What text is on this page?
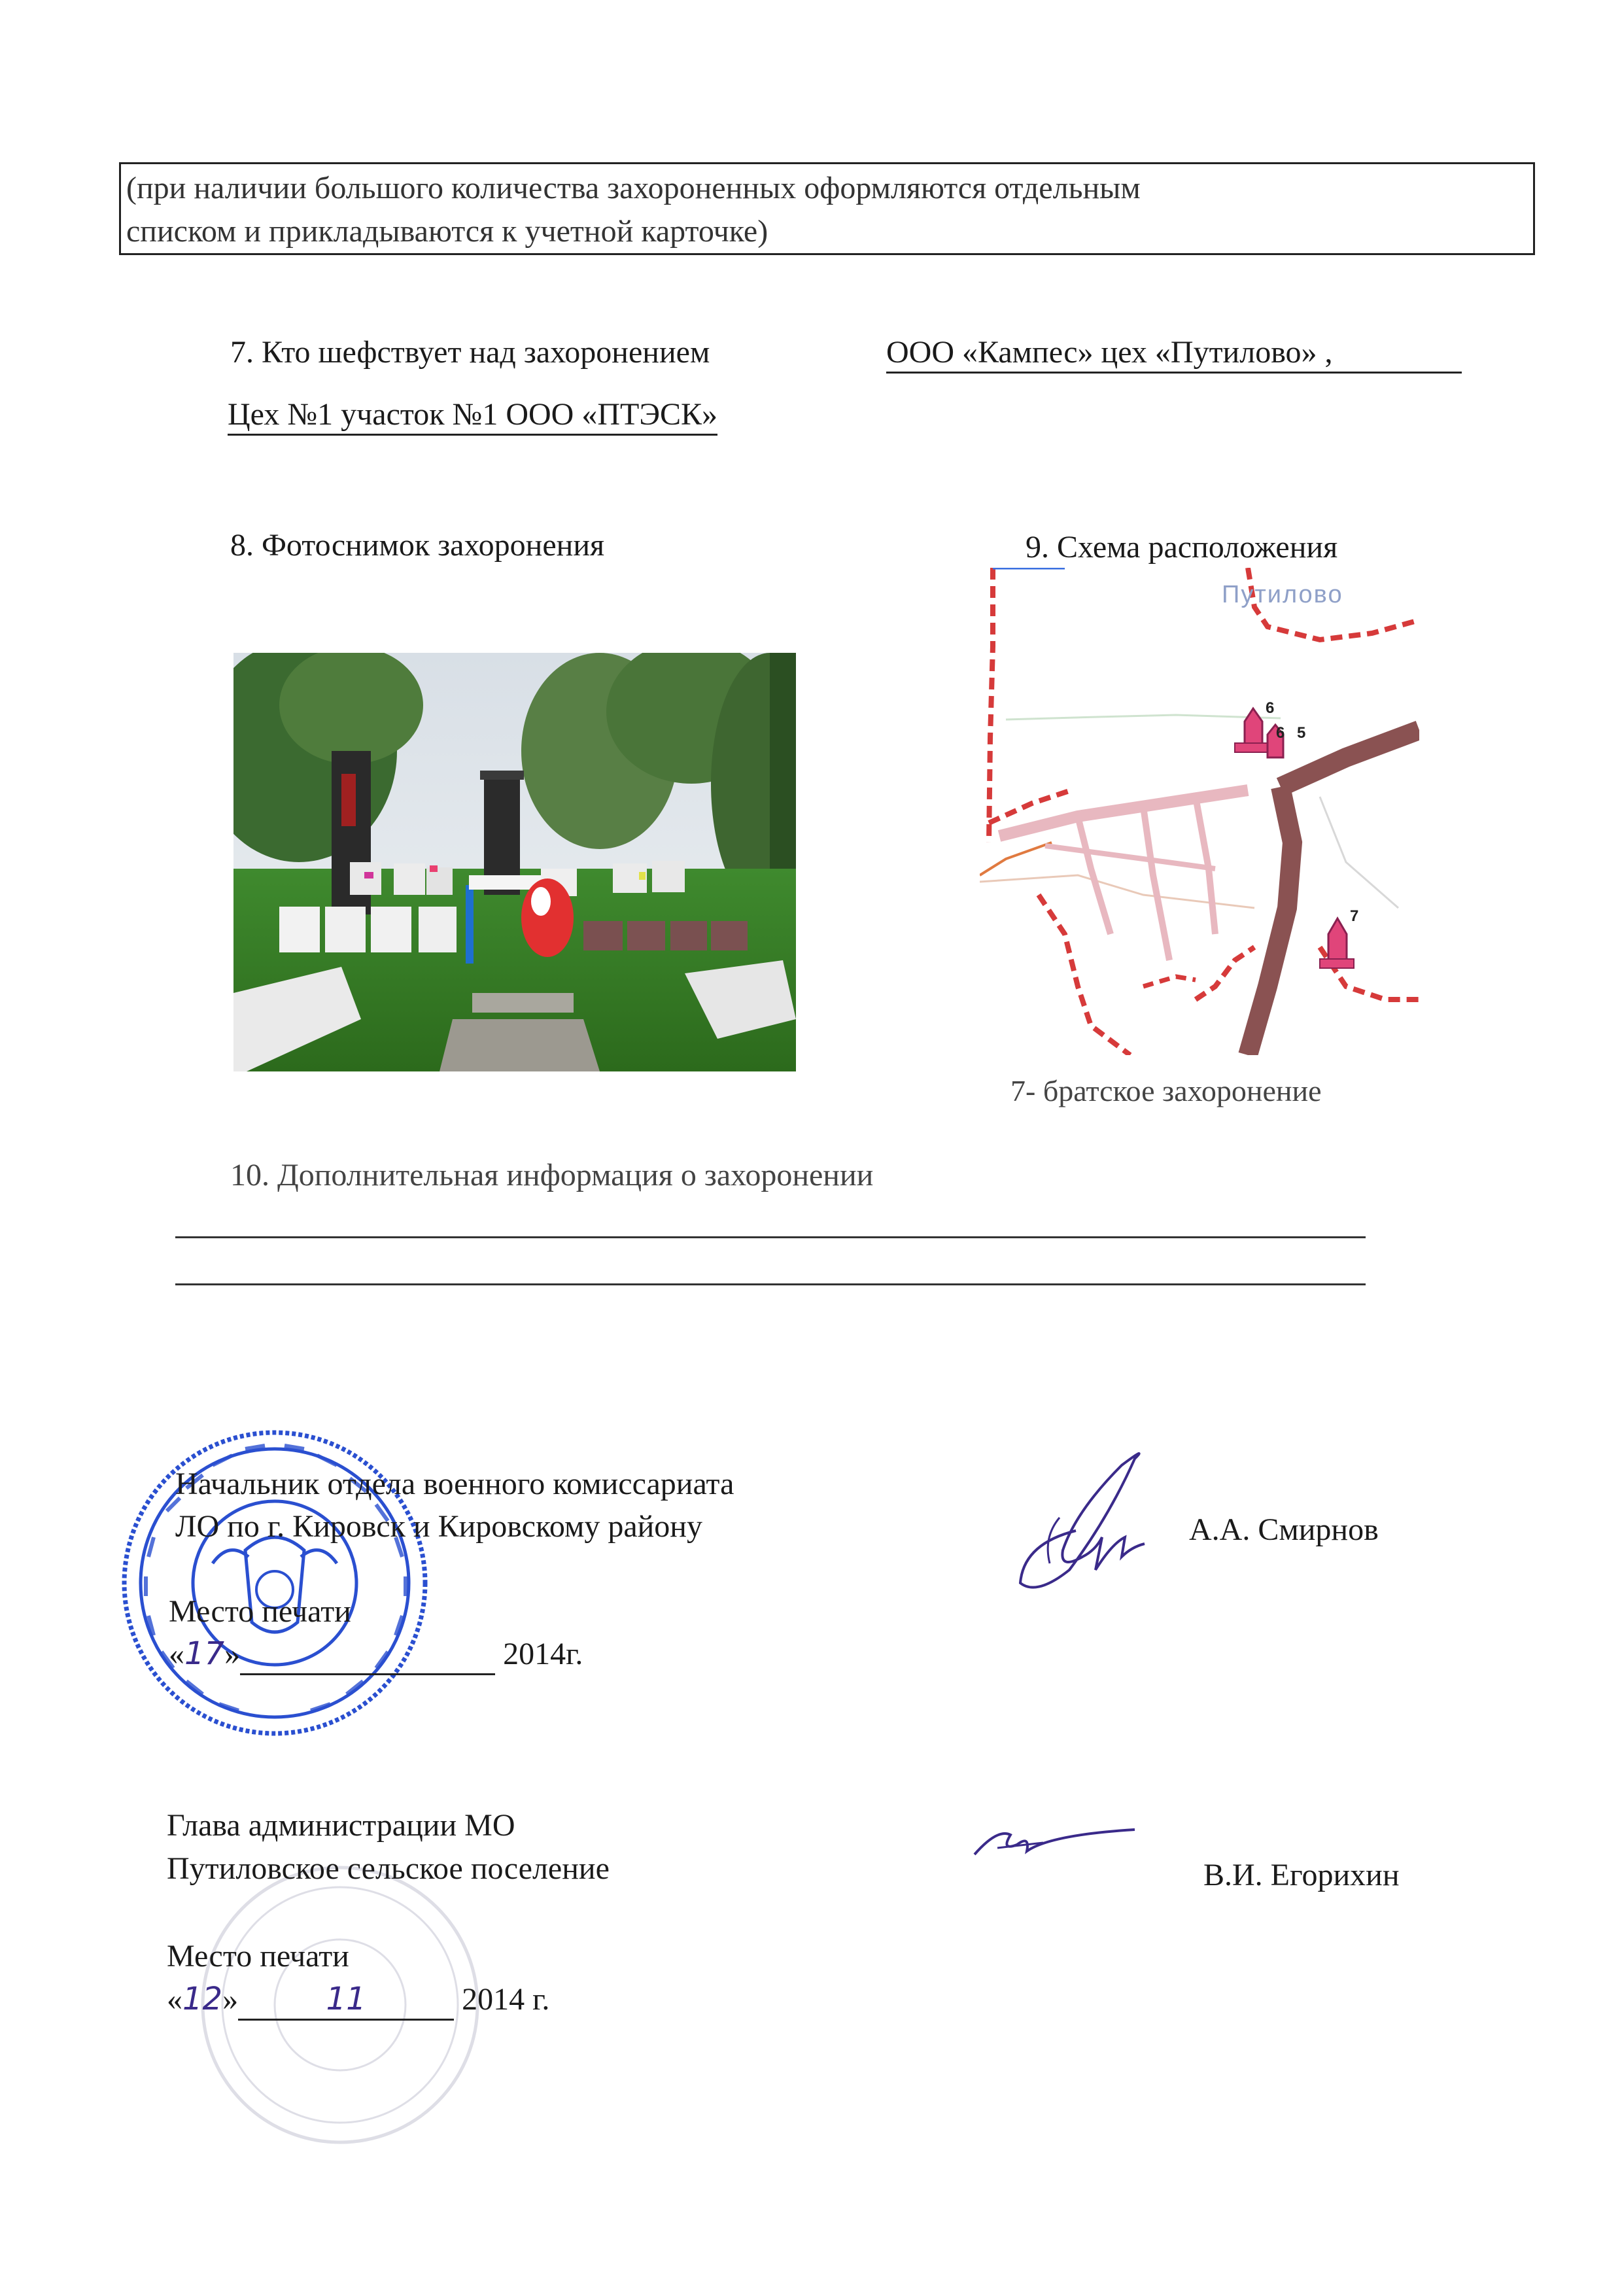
(при наличии большого количества захороненных оформляются отдельным
списком и прикладываются к учетной карточке)
7. Кто шефствует над захоронением	ООО «Кампес» цех «Путилово» ,
Цех №1 участок №1 ООО «ПТЭСК»
8. Фотоснимок захоронения	9. Схема расположения
Путилово
6
6 5
7
7- братское захоронение
10. Дополнительная информация о захоронении
Начальник отдела военного комиссариата
ЛО по г. Кировск и Кировскому району	А.А. Смирнов
Место печати
«17»	2014г.
Глава администрации МО
Путиловское сельское поселение	В.И. Егорихин
Место печати
«12»	11	2014 г.
